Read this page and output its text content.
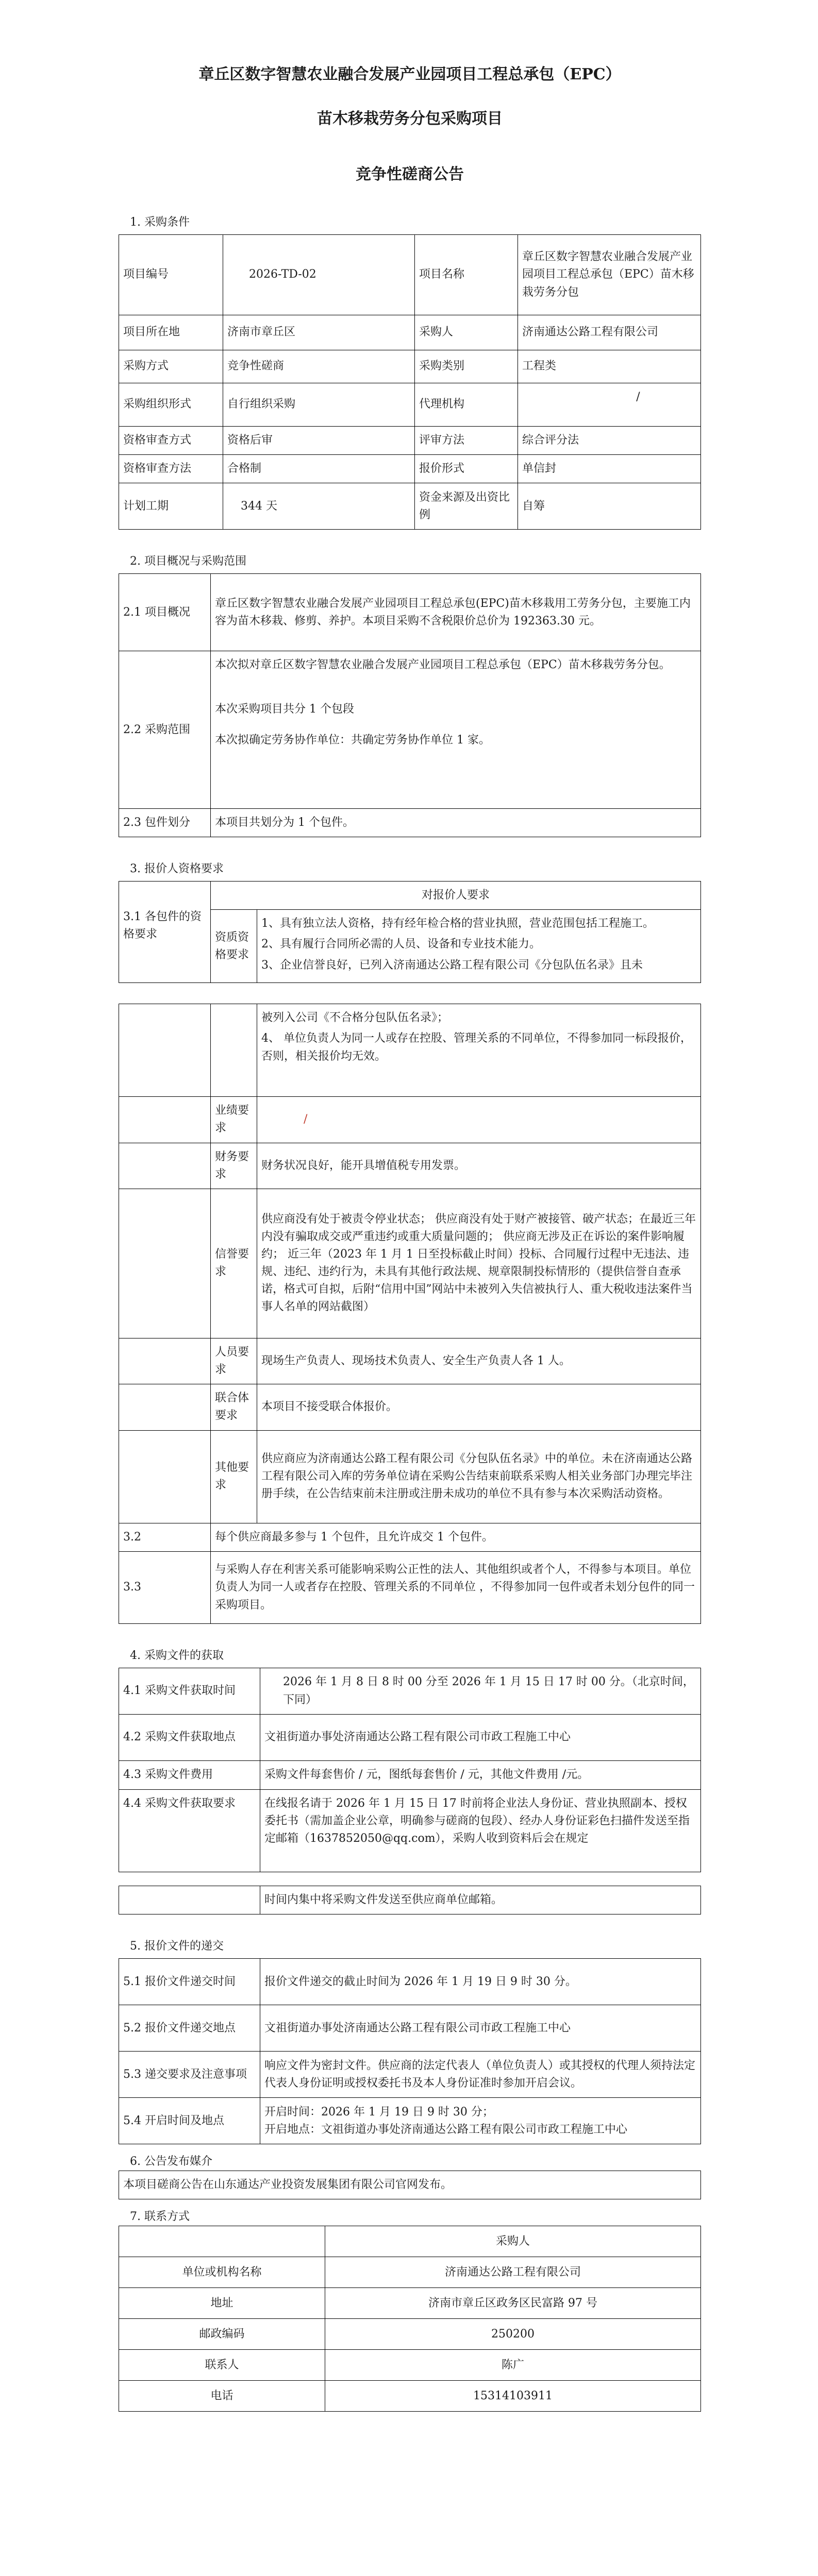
章丘区数字智慧农业融合发展产业园项目工程总承包（EPC）
苗木移栽劳务分包采购项目
竞争性磋商公告
1. 采购条件
项目编号	2026-TD-02	项目名称	章丘区数字智慧农业融合发展产业园项目工程总承包（EPC）苗木移栽劳务分包
项目所在地	济南市章丘区	采购人	济南通达公路工程有限公司
采购方式	竞争性磋商	采购类别	工程类
采购组织形式	自行组织采购	代理机构	/
资格审查方式	资格后审	评审方法	综合评分法
资格审查方法	合格制	报价形式	单信封
计划工期	344 天	资金来源及出资比例	自筹
2. 项目概况与采购范围
2.1 项目概况	章丘区数字智慧农业融合发展产业园项目工程总承包(EPC)苗木移栽用工劳务分包，主要施工内容为苗木移栽、修剪、养护。本项目采购不含税限价总价为 192363.30 元。
2.2 采购范围	本次拟对章丘区数字智慧农业融合发展产业园项目工程总承包（EPC）苗木移栽劳务分包。
本次采购项目共分 1 个包段
本次拟确定劳务协作单位：共确定劳务协作单位 1 家。

2.3 包件划分	本项目共划分为 1 个包件。
3. 报价人资格要求
3.1 各包件的资格要求	对报价人要求	
	资质资格要求	1、具有独立法人资格，持有经年检合格的营业执照，营业范围包括工程施工。
2、具有履行合同所必需的人员、设备和专业技术能力。
3、企业信誉良好，已列入济南通达公路工程有限公司《分包队伍名录》且未

		被列入公司《不合格分包队伍名录》；
4、 单位负责人为同一人或存在控股、管理关系的不同单位，不得参加同一标段报价，否则，相关报价均无效。

	业绩要求	/
	财务要求	财务状况良好，能开具增值税专用发票。
	信誉要求	供应商没有处于被责令停业状态； 供应商没有处于财产被接管、破产状态；在最近三年内没有骗取成交或严重违约或重大质量问题的； 供应商无涉及正在诉讼的案件影响履约； 近三年（2023 年 1 月 1 日至投标截止时间）投标、合同履行过程中无违法、违规、违纪、违约行为，未具有其他行政法规、规章限制投标情形的（提供信誉自查承诺，格式可自拟，后附“信用中国”网站中未被列入失信被执行人、重大税收违法案件当事人名单的网站截图）
	人员要求	现场生产负责人、现场技术负责人、安全生产负责人各 1 人。
	联合体要求	本项目不接受联合体报价。
	其他要求	供应商应为济南通达公路工程有限公司《分包队伍名录》中的单位。未在济南通达公路工程有限公司入库的劳务单位请在采购公告结束前联系采购人相关业务部门办理完毕注册手续，在公告结束前未注册或注册未成功的单位不具有参与本次采购活动资格。
3.2	每个供应商最多参与 1 个包件，且允许成交 1 个包件。	
3.3	与采购人存在利害关系可能影响采购公正性的法人、其他组织或者个人，不得参与本项目。单位负责人为同一人或者存在控股、管理关系的不同单位 ，不得参加同一包件或者未划分包件的同一采购项目。	
4. 采购文件的获取
4.1 采购文件获取时间	2026 年 1 月 8 日 8 时 00 分至 2026 年 1 月 15 日 17 时 00 分。（北京时间，下同）
4.2 采购文件获取地点	文祖街道办事处济南通达公路工程有限公司市政工程施工中心
4.3 采购文件费用	采购文件每套售价 / 元，图纸每套售价 / 元，其他文件费用 /元。
4.4 采购文件获取要求	在线报名请于 2026 年 1 月 15 日 17 时前将企业法人身份证、营业执照副本、授权委托书（需加盖企业公章，明确参与磋商的包段）、经办人身份证彩色扫描件发送至指定邮箱（1637852050@qq.com），采购人收到资料后会在规定
	时间内集中将采购文件发送至供应商单位邮箱。
5. 报价文件的递交
5.1 报价文件递交时间	报价文件递交的截止时间为 2026 年 1 月 19 日 9 时 30 分。
5.2 报价文件递交地点	文祖街道办事处济南通达公路工程有限公司市政工程施工中心
5.3 递交要求及注意事项	响应文件为密封文件。供应商的法定代表人（单位负责人）或其授权的代理人须持法定代表人身份证明或授权委托书及本人身份证准时参加开启会议。
5.4 开启时间及地点	开启时间：2026 年 1 月 19 日 9 时 30 分；
开启地点：文祖街道办事处济南通达公路工程有限公司市政工程施工中心
6. 公告发布媒介
本项目磋商公告在山东通达产业投资发展集团有限公司官网发布。
7. 联系方式
	采购人
单位或机构名称	济南通达公路工程有限公司
地址	济南市章丘区政务区民富路 97 号
邮政编码	250200
联系人	陈广
电话	15314103911
